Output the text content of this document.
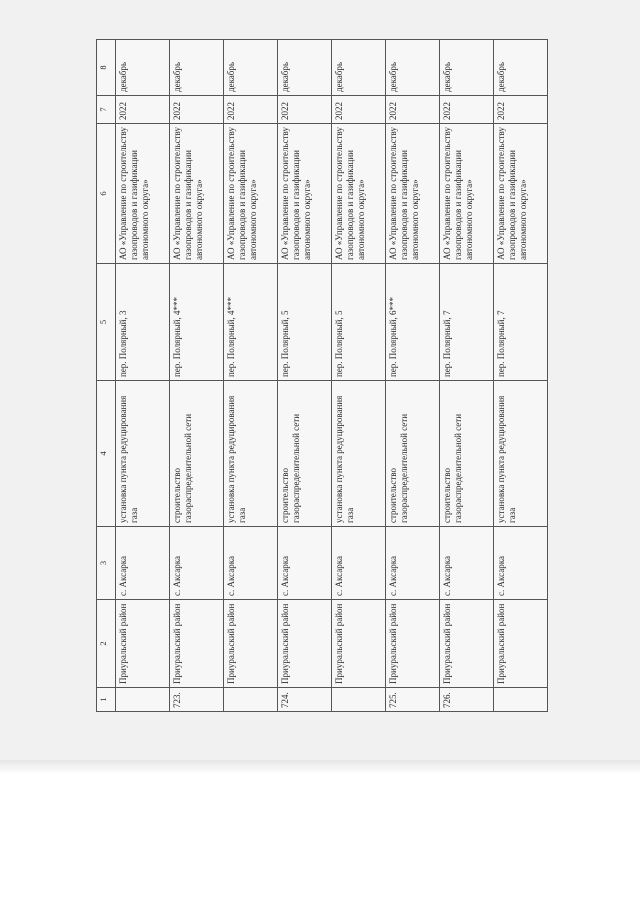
1	2	3	4	5	6	7	8
	Приуральский район	с. Аксарка	установка пункта редуцирования газа	пер. Полярный, 3	АО «Управление по строительству газопроводов и газификации автономного округа»	2022	декабрь
723.	Приуральский район	с. Аксарка	строительство газораспределительной сети	пер. Полярный, 4***	АО «Управление по строительству газопроводов и газификации автономного округа»	2022	декабрь
	Приуральский район	с. Аксарка	установка пункта редуцирования газа	пер. Полярный, 4***	АО «Управление по строительству газопроводов и газификации автономного округа»	2022	декабрь
724.	Приуральский район	с. Аксарка	строительство газораспределительной сети	пер. Полярный, 5	АО «Управление по строительству газопроводов и газификации автономного округа»	2022	декабрь
	Приуральский район	с. Аксарка	установка пункта редуцирования газа	пер. Полярный, 5	АО «Управление по строительству газопроводов и газификации автономного округа»	2022	декабрь
725.	Приуральский район	с. Аксарка	строительство газораспределительной сети	пер. Полярный, 6***	АО «Управление по строительству газопроводов и газификации автономного округа»	2022	декабрь
726.	Приуральский район	с. Аксарка	строительство газораспределительной сети	пер. Полярный, 7	АО «Управление по строительству газопроводов и газификации автономного округа»	2022	декабрь
	Приуральский район	с. Аксарка	установка пункта редуцирования газа	пер. Полярный, 7	АО «Управление по строительству газопроводов и газификации автономного округа»	2022	декабрь
